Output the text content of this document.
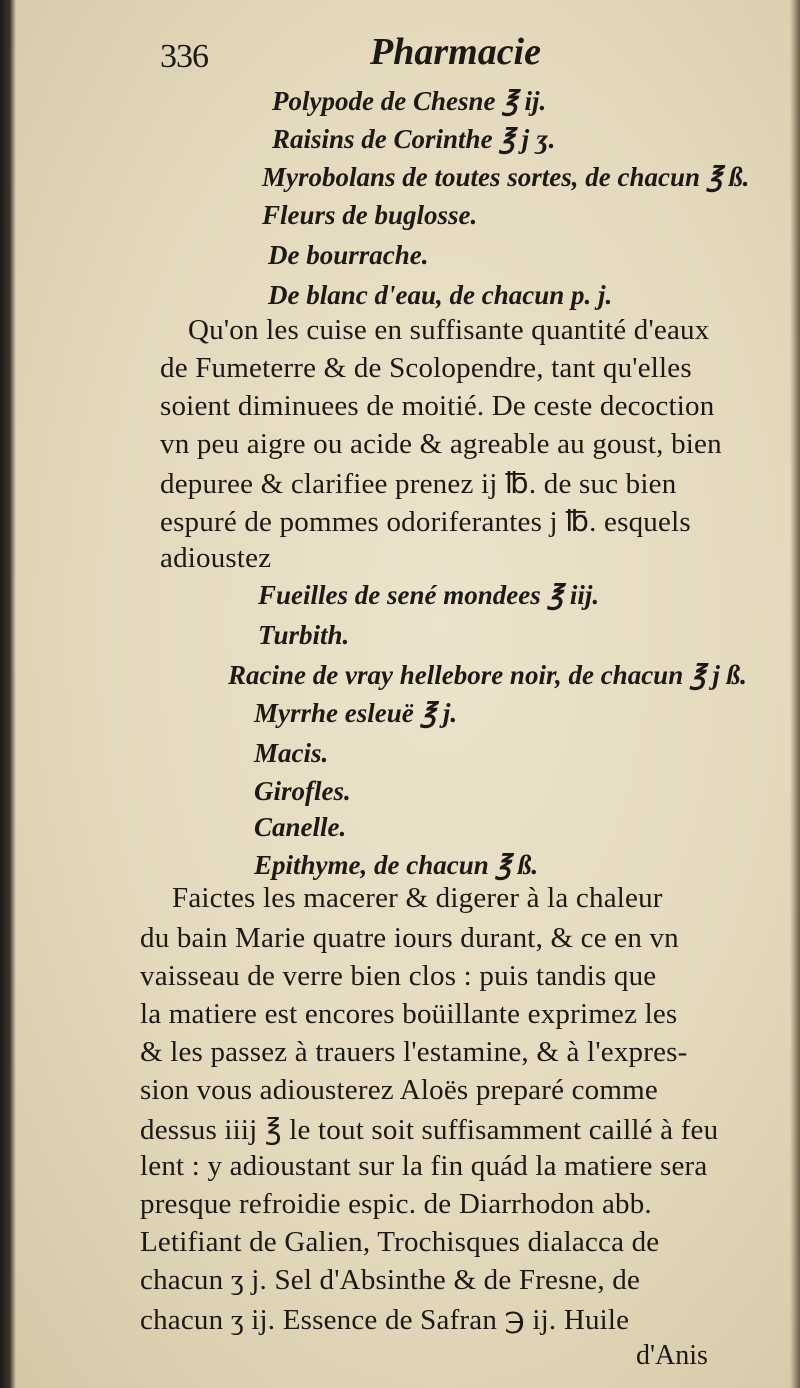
336	Pharmacie
Polypode de Chesne ℥ ij.
Raisins de Corinthe ℥ j ʒ.
Myrobolans de toutes sortes, de chacun ℥ ß.
Fleurs de buglosse.
De bourrache.
De blanc d'eau, de chacun p. j.
Qu'on les cuise en suffisante quantité d'eaux
de Fumeterre & de Scolopendre, tant qu'elles
soient diminuees de moitié. De ceste decoction
vn peu aigre ou acide & agreable au goust, bien
depuree & clarifiee prenez ij ℔. de suc bien
espuré de pommes odoriferantes j ℔. esquels
adioustez
Fueilles de sené mondees ℥ iij.
Turbith.
Racine de vray hellebore noir, de chacun ℥ j ß.
Myrrhe esleuë ℥ j.
Macis.
Girofles.
Canelle.
Epithyme, de chacun ℥ ß.
Faictes les macerer & digerer à la chaleur
du bain Marie quatre iours durant, & ce en vn
vaisseau de verre bien clos : puis tandis que
la matiere est encores boüillante exprimez les
& les passez à trauers l'estamine, & à l'expres-
sion vous adiousterez Aloës preparé comme
dessus iiij ℥ le tout soit suffisamment caillé à feu
lent : y adioustant sur la fin quád la matiere sera
presque refroidie espic. de Diarrhodon abb.
Letifiant de Galien, Trochisques dialacca de
chacun ʒ j. Sel d'Absinthe & de Fresne, de
chacun ʒ ij. Essence de Safran ℈ ij. Huile
d'Anis
